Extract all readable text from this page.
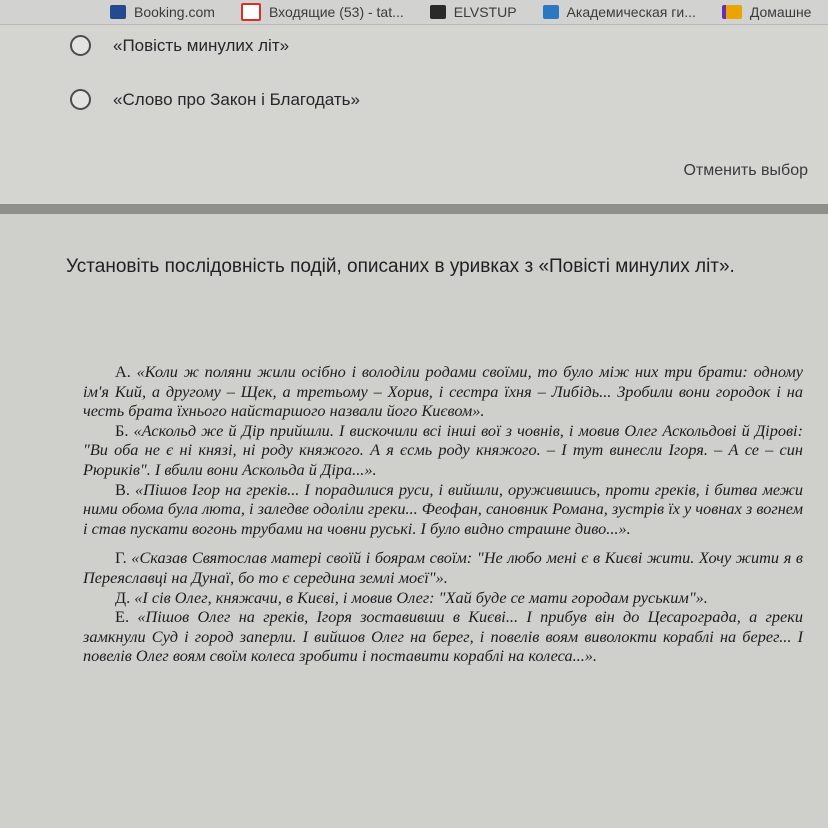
Booking.com	Входящие (53) - tat...	ELVSTUP	Академическая ги...	Домашне
«Повість минулих літ»
«Слово про Закон і Благодать»
Отменить выбор
Установіть послідовність подій, описаних в уривках з «Повісті минулих літ».

А. «Коли ж поляни жили осібно і володіли родами своїми, то було між них три брати: одному ім'я Кий, а другому – Щек, а третьому – Хорив, і сестра їхня – Либідь... Зробили вони городок і на честь брата їхнього найстаршого назвали його Києвом».

Б. «Аскольд же й Дір прийшли. І вискочили всі інші вої з човнів, і мовив Олег Аскольдові й Дірові: "Ви оба не є ні князі, ні роду княжого. А я єсмь роду княжого. – І тут винесли Ігоря. – А се – син Рюриків". І вбили вони Аскольда й Діра...».

В. «Пішов Ігор на греків... І порадилися руси, і вийшли, оружившись, проти греків, і битва межи ними обома була люта, і заледве одоліли греки... Феофан, сановник Романа, зустрів їх у човнах з вогнем і став пускати вогонь трубами на човни руські. І було видно страшне диво...».

Г. «Сказав Святослав матері своїй і боярам своїм: "Не любо мені є в Києві жити. Хочу жити я в Переяславці на Дунаї, бо то є середина землі моєї"».

Д. «І сів Олег, княжачи, в Києві, і мовив Олег: "Хай буде се мати городам руським"».

Е. «Пішов Олег на греків, Ігоря зоставивши в Києві... І прибув він до Цесарограда, а греки замкнули Суд і город заперли. І вийшов Олег на берег, і повелів воям виволокти кораблі на берег... І повелів Олег воям своїм колеса зробити і поставити кораблі на колеса...».
